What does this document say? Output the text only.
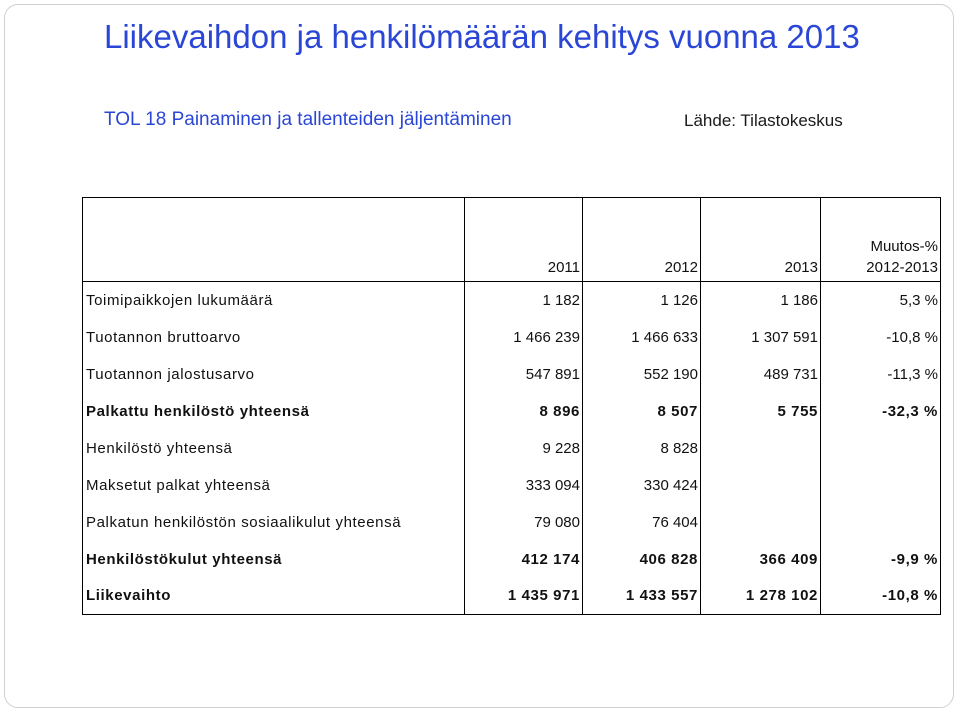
Liikevaihdon ja henkilömäärän kehitys vuonna 2013
TOL 18 Painaminen ja tallenteiden jäljentäminen	Lähde: Tilastokeskus
	2011	2012	2013	Muutos-%
2012-2013
Toimipaikkojen lukumäärä	1 182	1 126	1 186	5,3 %
Tuotannon bruttoarvo	1 466 239	1 466 633	1 307 591	-10,8 %
Tuotannon jalostusarvo	547 891	552 190	489 731	-11,3 %
Palkattu henkilöstö yhteensä	8 896	8 507	5 755	-32,3 %
Henkilöstö yhteensä	9 228	8 828		
Maksetut palkat yhteensä	333 094	330 424		
Palkatun henkilöstön sosiaalikulut yhteensä	79 080	76 404		
Henkilöstökulut yhteensä	412 174	406 828	366 409	-9,9 %
Liikevaihto	1 435 971	1 433 557	1 278 102	-10,8 %
